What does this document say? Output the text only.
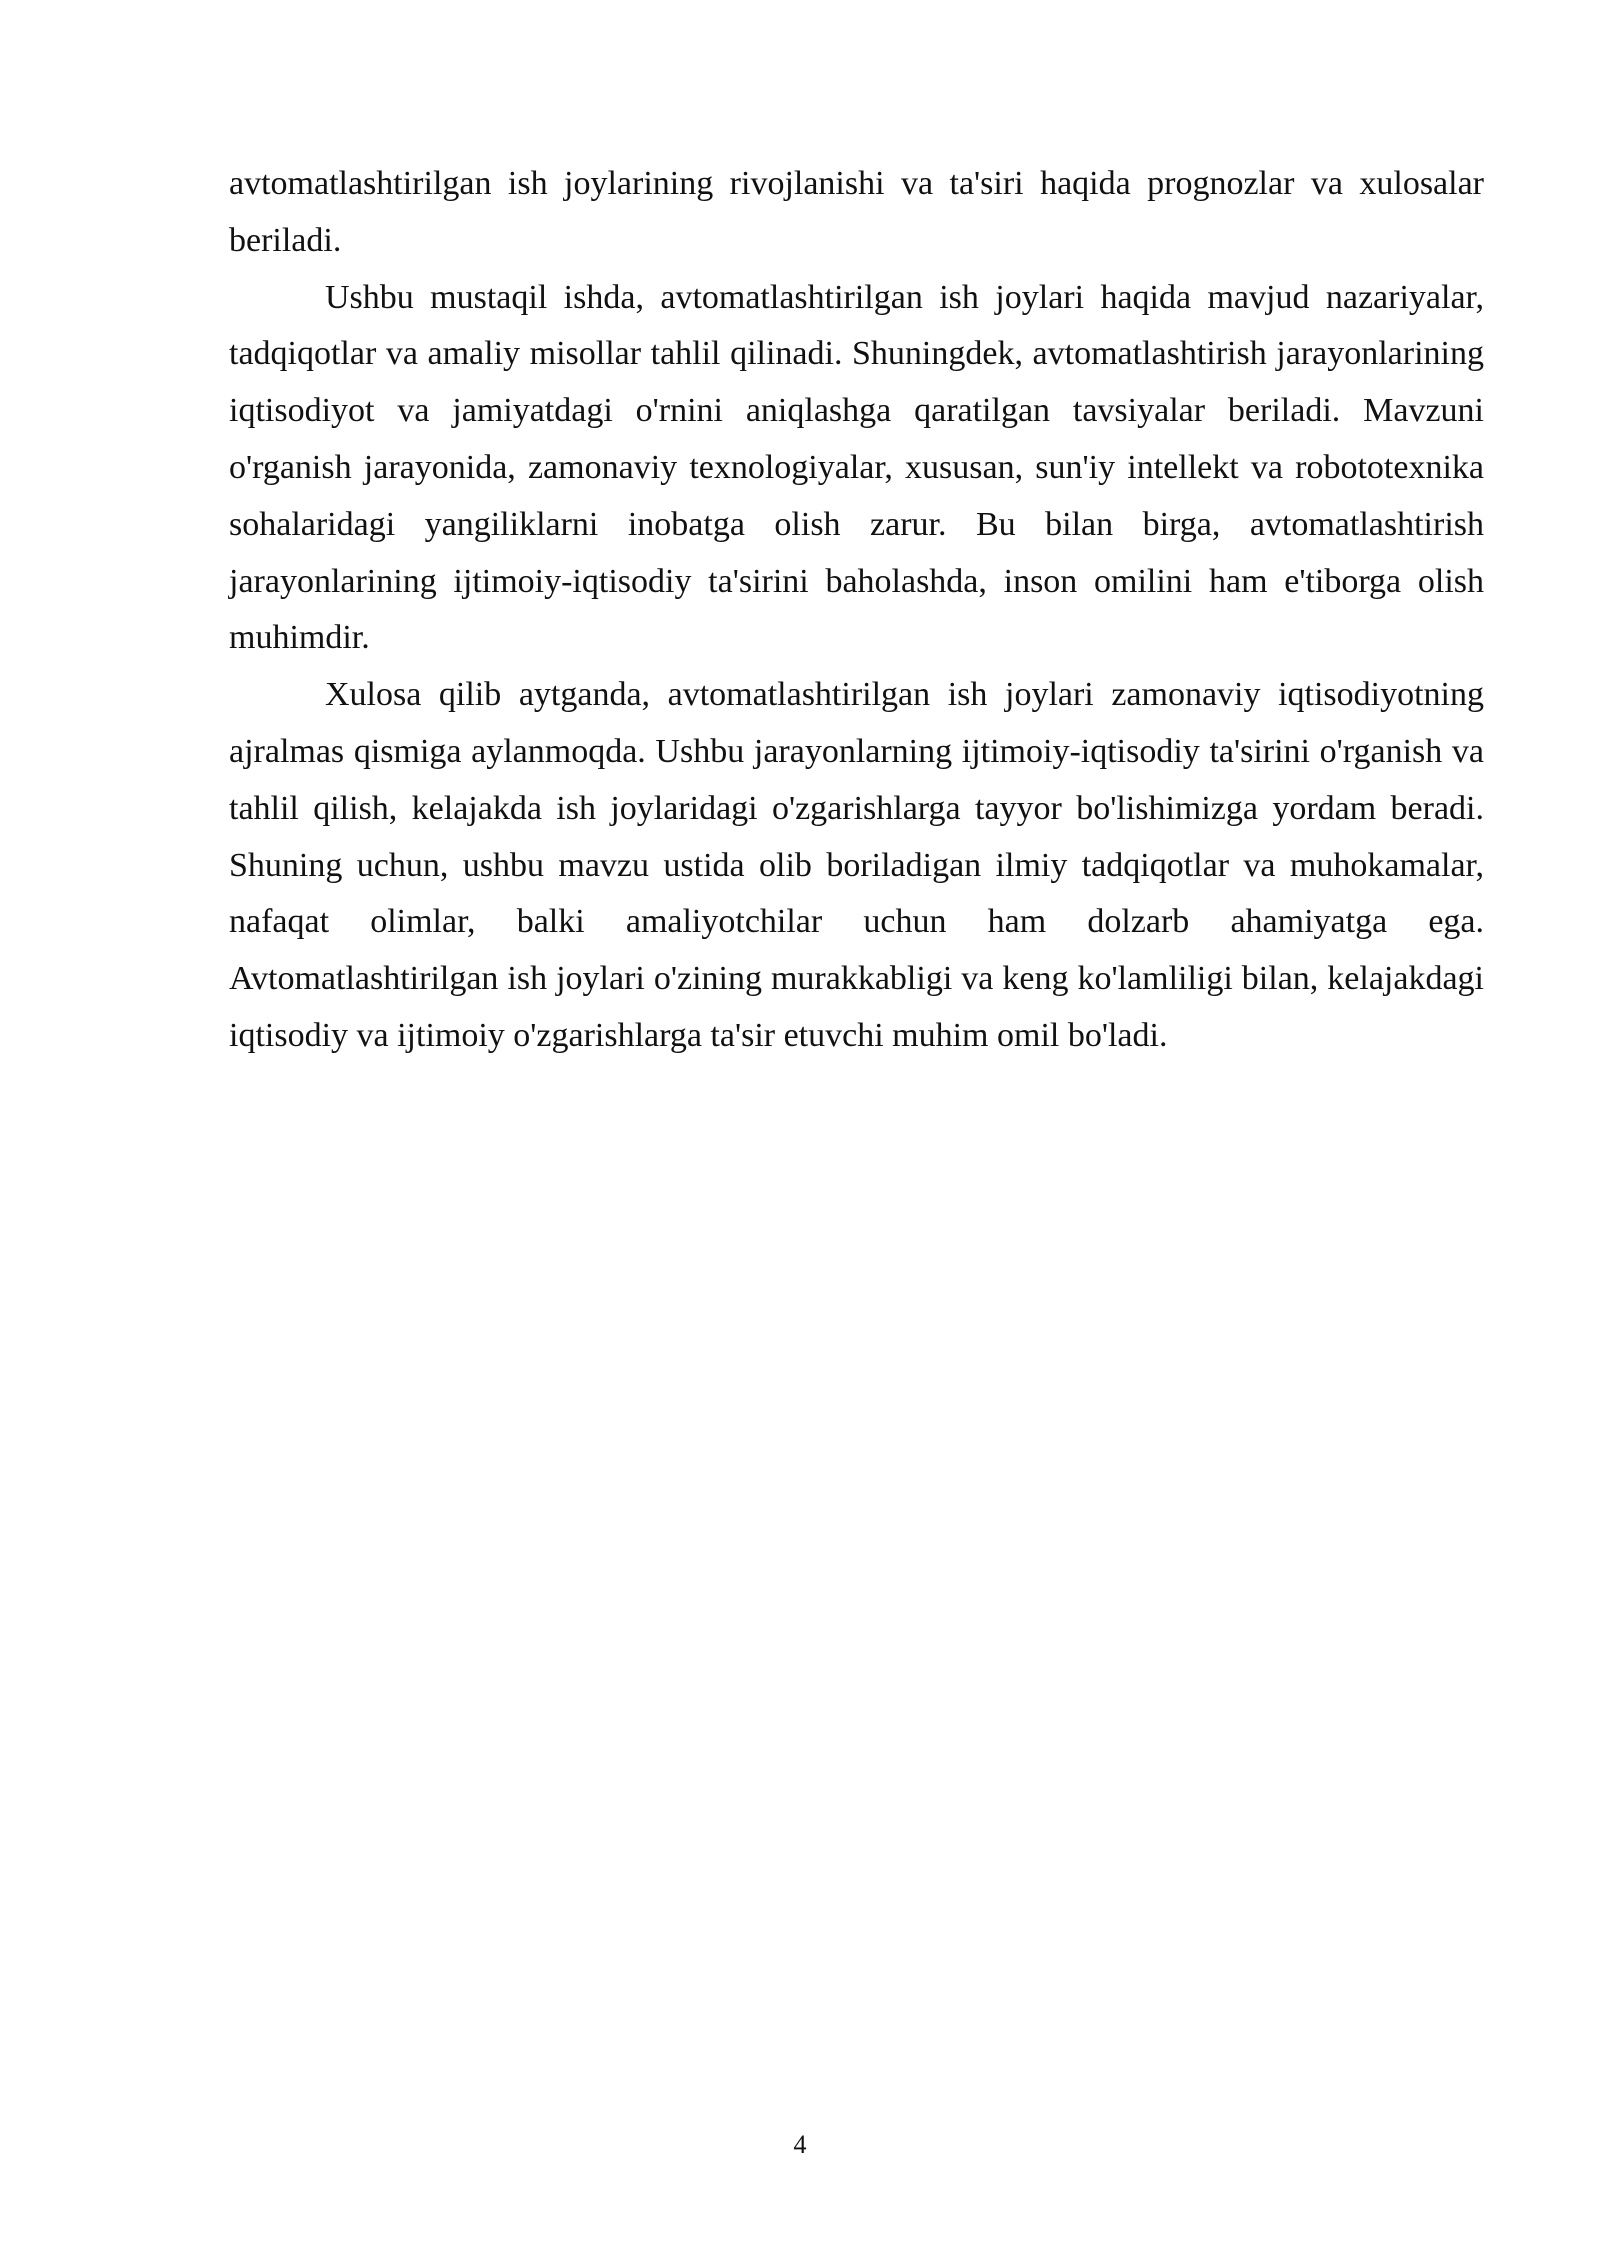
avtomatlashtirilgan ish joylarining rivojlanishi va ta'siri haqida prognozlar va xulosalar beriladi.

Ushbu mustaqil ishda, avtomatlashtirilgan ish joylari haqida mavjud nazariyalar, tadqiqotlar va amaliy misollar tahlil qilinadi. Shuningdek, avtomatlashtirish jarayonlarining iqtisodiyot va jamiyatdagi o'rnini aniqlashga qaratilgan tavsiyalar beriladi. Mavzuni o'rganish jarayonida, zamonaviy texnologiyalar, xususan, sun'iy intellekt va robototexnika sohalaridagi yangiliklarni inobatga olish zarur. Bu bilan birga, avtomatlashtirish jarayonlarining ijtimoiy-iqtisodiy ta'sirini baholashda, inson omilini ham e'tiborga olish muhimdir.

Xulosa qilib aytganda, avtomatlashtirilgan ish joylari zamonaviy iqtisodiyotning ajralmas qismiga aylanmoqda. Ushbu jarayonlarning ijtimoiy-iqtisodiy ta'sirini o'rganish va tahlil qilish, kelajakda ish joylaridagi o'zgarishlarga tayyor bo'lishimizga yordam beradi. Shuning uchun, ushbu mavzu ustida olib boriladigan ilmiy tadqiqotlar va muhokamalar, nafaqat olimlar, balki amaliyotchilar uchun ham dolzarb ahamiyatga ega. Avtomatlashtirilgan ish joylari o'zining murakkabligi va keng ko'lamliligi bilan, kelajakdagi iqtisodiy va ijtimoiy o'zgarishlarga ta'sir etuvchi muhim omil bo'ladi.

4
